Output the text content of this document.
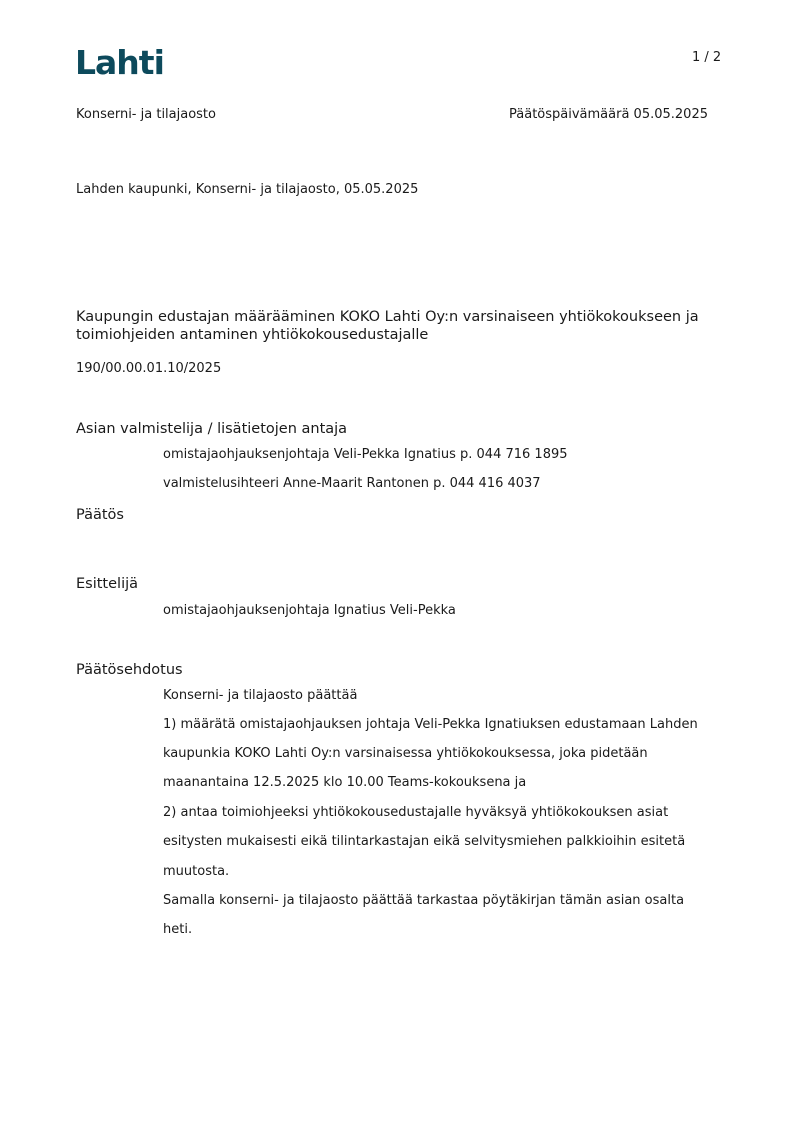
Lahti	1 / 2
Konserni- ja tilajaosto	Päätöspäivämäärä 05.05.2025
Lahden kaupunki, Konserni- ja tilajaosto, 05.05.2025
Kaupungin edustajan määrääminen KOKO Lahti Oy:n varsinaiseen yhtiökokoukseen ja
toimiohjeiden antaminen yhtiökokousedustajalle
190/00.00.01.10/2025
Asian valmistelija / lisätietojen antaja
omistajaohjauksenjohtaja Veli-Pekka Ignatius p. 044 716 1895
valmistelusihteeri Anne-Maarit Rantonen p. 044 416 4037
Päätös
Esittelijä
omistajaohjauksenjohtaja Ignatius Veli-Pekka
Päätösehdotus
Konserni- ja tilajaosto päättää
1) määrätä omistajaohjauksen johtaja Veli-Pekka Ignatiuksen edustamaan Lahden
kaupunkia KOKO Lahti Oy:n varsinaisessa yhtiökokouksessa, joka pidetään
maanantaina 12.5.2025 klo 10.00 Teams-kokouksena ja
2) antaa toimiohjeeksi yhtiökokousedustajalle hyväksyä yhtiökokouksen asiat
esitysten mukaisesti eikä tilintarkastajan eikä selvitysmiehen palkkioihin esitetä
muutosta.
Samalla konserni- ja tilajaosto päättää tarkastaa pöytäkirjan tämän asian osalta
heti.
